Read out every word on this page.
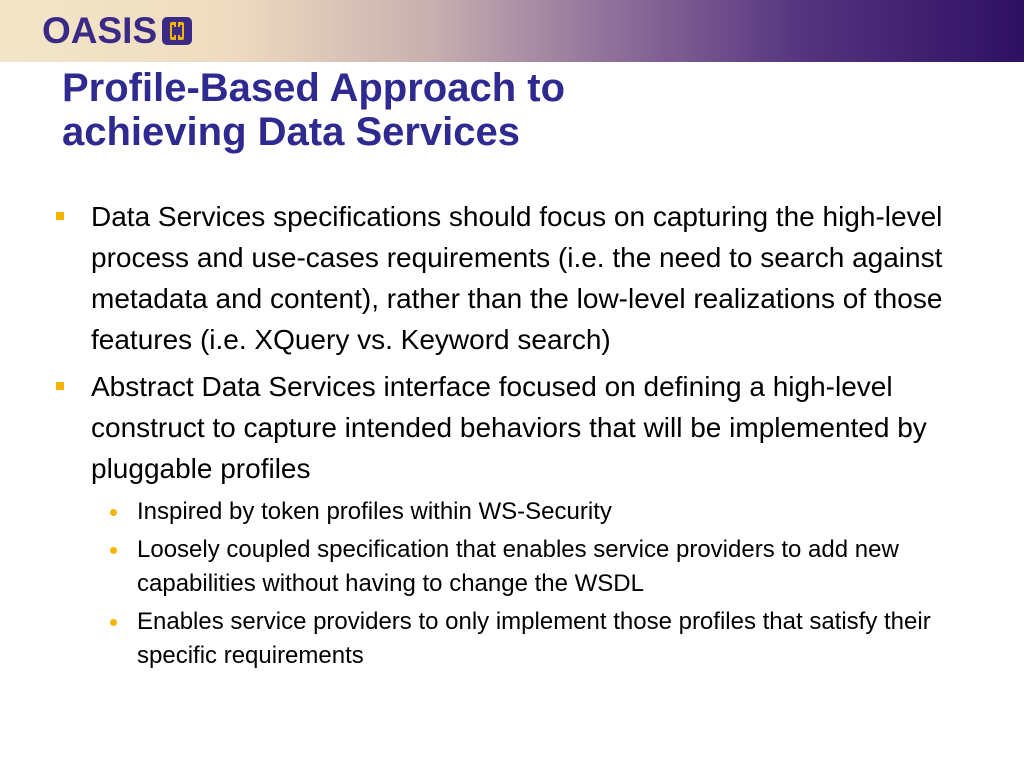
OASIS
Profile-Based Approach to
achieving Data Services
Data Services specifications should focus on capturing the high-level process and use-cases requirements (i.e. the need to search against metadata and content), rather than the low-level realizations of those features (i.e. XQuery vs. Keyword search)
Abstract Data Services interface focused on defining a high-level construct to capture intended behaviors that will be implemented by pluggable profiles
Inspired by token profiles within WS-Security
Loosely coupled specification that enables service providers to add new capabilities without having to change the WSDL
Enables service providers to only implement those profiles that satisfy their specific requirements
